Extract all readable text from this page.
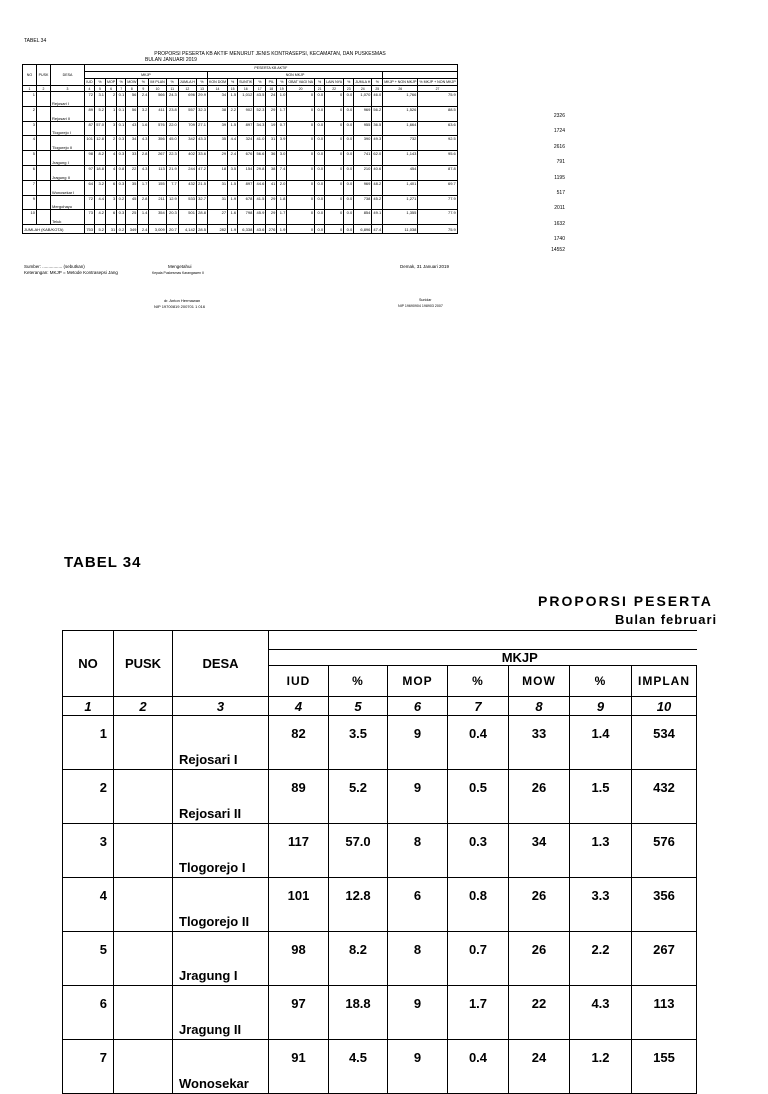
TABEL 34
PROPORSI PESERTA KB AKTIF MENURUT JENIS KONTRASEPSI, KECAMATAN, DAN PUSKESMAS
BULAN JANUARI 2019
NO	PUSK	DESA	PESERTA KB AKTIF																							
			MKJP										NON MKJP													
			IUD	%	MOP	%	MOW	%	IM PLAN	%	JUMLA H	%	KON DOM	%	SUNTIK	%	PIL	%	OBAT VAGI NA	%	LAIN NYA	%	JUMLA H	%	MKJP + NON MKJP	% MKJP + NON MKJP
1	2	3	4	5	6	7	8	9	10	11	12	13	14	15	16	17	18	19	20	21	22	23	24	25	26	27
1		Rejosari I	72	3.1	2	0.1	56	2.4	566	24.3	696	29.9	34	1.5	1,012	43.5	24	1.0	0	0.0	0	0.0	1,070	46.0	1,766	75.9
2		Rejosari II	89	5.2	1	0.1	56	3.2	411	23.8	557	32.3	38	2.2	902	52.3	29	1.7	0	0.0	0	0.0	969	56.2	1,526	88.5
3		Tlogorejo I	87	57.0	3	0.1	43	1.6	576	22.0	709	27.1	39	1.5	897	34.3	19	0.7	0	0.0	0	0.0	955	36.5	1,664	63.6
4		Tlogorejo II	101	12.8	2	0.3	34	4.3	356	45.0	342	43.3	35	4.4	324	41.0	31	3.9	0	0.0	0	0.0	390	49.3	732	92.5
5		Jragung I	98	8.2	4	0.3	33	2.8	267	22.3	402	33.6	29	2.4	676	56.6	36	3.0	0	0.0	0	0.0	741	62.0	1,143	95.6
6		Jragung II	97	18.8	4	0.8	22	4.3	113	21.9	244	47.2	18	3.5	154	29.8	38	7.4	0	0.0	0	0.0	210	40.6	454	87.8
7		Wonosekar I	64	3.2	6	0.3	35	1.7	155	7.7	432	21.5	31	1.5	897	44.6	41	2.0	0	0.0	0	0.0	969	48.2	1,401	69.7
9		Mergohayu	72	4.4	3	0.2	45	2.8	211	12.9	533	32.7	31	1.9	678	41.5	29	1.8	0	0.0	0	0.0	738	45.2	1,271	77.9
10		Teluk	73	4.2	6	0.3	25	1.4	354	20.3	501	28.8	27	1.6	798	45.9	29	1.7	0	0.0	0	0.0	854	49.1	1,355	77.9
JUMLAH (KAB/KOTA)			753	5.2	31	0.2	349	2.4	3,009	20.7	4,142	28.5	282	1.9	6,338	43.6	276	1.9	0	0.0	0	0.0	6,896	47.4	11,038	75.9
2326
1724
2616
791
1195
517
2011
1632
1740
14552
Sumber: ................ (sebutkan)
Keterangan: MKJP = Metode Kontrasepsi Jang
Mengetahui
Kepala Puskesmas Karangawen II
Demak, 31 Januari 2019
dr. Anton Hermawan
NIP 19700819 200701 1 016
Sunidar
NIP 19690904 198903 2007
TABEL 34
PROPORSI PESERTA
Bulan februari
NO	PUSK	DESA							
			MKJP						
			IUD	%	MOP	%	MOW	%	IMPLAN
1	2	3	4	5	6	7	8	9	10
1		Rejosari I	82	3.5	9	0.4	33	1.4	534
2		Rejosari II	89	5.2	9	0.5	26	1.5	432
3		Tlogorejo I	117	57.0	8	0.3	34	1.3	576
4		Tlogorejo II	101	12.8	6	0.8	26	3.3	356
5		Jragung I	98	8.2	8	0.7	26	2.2	267
6		Jragung II	97	18.8	9	1.7	22	4.3	113
7		Wonosekar	91	4.5	9	0.4	24	1.2	155
